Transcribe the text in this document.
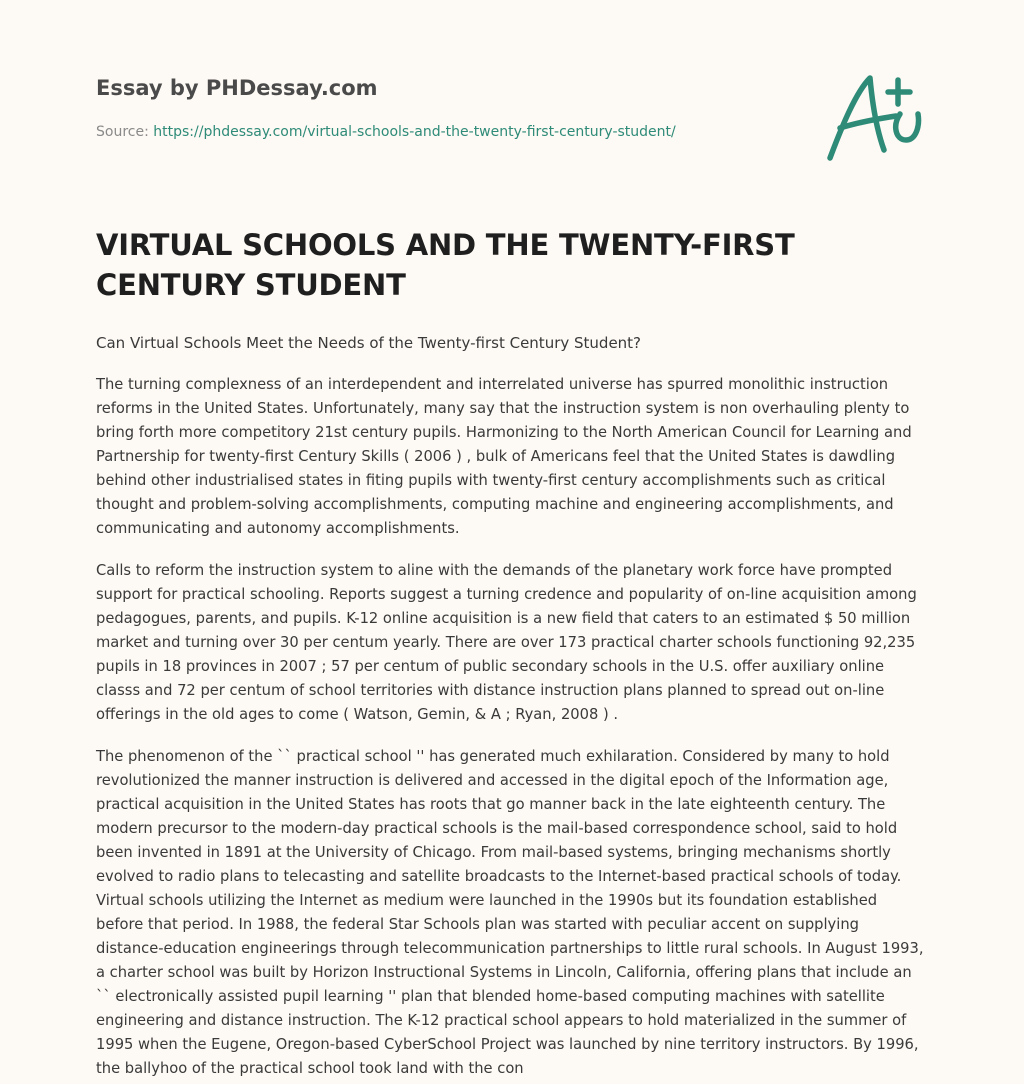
Essay by PHDessay.com

Source: https://phdessay.com/virtual-schools-and-the-twenty-first-century-student/

VIRTUAL SCHOOLS AND THE TWENTY-FIRST CENTURY STUDENT

Can Virtual Schools Meet the Needs of the Twenty-first Century Student?

The turning complexness of an interdependent and interrelated universe has spurred monolithic instruction reforms in the United States. Unfortunately, many say that the instruction system is non overhauling plenty to bring forth more competitory 21st century pupils. Harmonizing to the North American Council for Learning and Partnership for twenty-first Century Skills ( 2006 ) , bulk of Americans feel that the United States is dawdling behind other industrialised states in fiting pupils with twenty-first century accomplishments such as critical thought and problem-solving accomplishments, computing machine and engineering accomplishments, and communicating and autonomy accomplishments.

Calls to reform the instruction system to aline with the demands of the planetary work force have prompted support for practical schooling. Reports suggest a turning credence and popularity of on-line acquisition among pedagogues, parents, and pupils. K-12 online acquisition is a new field that caters to an estimated $ 50 million market and turning over 30 per centum yearly. There are over 173 practical charter schools functioning 92,235 pupils in 18 provinces in 2007 ; 57 per centum of public secondary schools in the U.S. offer auxiliary online classs and 72 per centum of school territories with distance instruction plans planned to spread out on-line offerings in the old ages to come ( Watson, Gemin, & A ; Ryan, 2008 ) .

The phenomenon of the `` practical school '' has generated much exhilaration. Considered by many to hold revolutionized the manner instruction is delivered and accessed in the digital epoch of the Information age, practical acquisition in the United States has roots that go manner back in the late eighteenth century. The modern precursor to the modern-day practical schools is the mail-based correspondence school, said to hold been invented in 1891 at the University of Chicago. From mail-based systems, bringing mechanisms shortly evolved to radio plans to telecasting and satellite broadcasts to the Internet-based practical schools of today. Virtual schools utilizing the Internet as medium were launched in the 1990s but its foundation established before that period. In 1988, the federal Star Schools plan was started with peculiar accent on supplying distance-education engineerings through telecommunication partnerships to little rural schools. In August 1993, a charter school was built by Horizon Instructional Systems in Lincoln, California, offering plans that include an `` electronically assisted pupil learning '' plan that blended home-based computing machines with satellite engineering and distance instruction. The K-12 practical school appears to hold materialized in the summer of 1995 when the Eugene, Oregon-based CyberSchool Project was launched by nine territory instructors. By 1996, the ballyhoo of the practical school took land with the con
